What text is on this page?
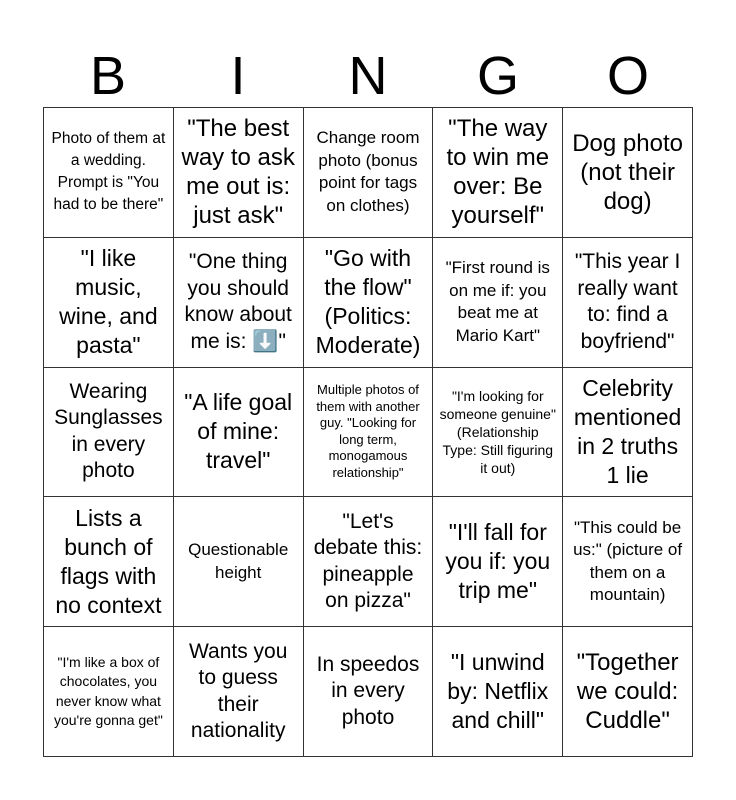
B	I	N	G	O
Photo of them at a wedding. Prompt is "You had to be there"
"The best way to ask me out is: just ask"
Change room photo (bonus point for tags on clothes)
"The way to win me over: Be yourself"
Dog photo (not their dog)
"I like music, wine, and pasta"
"One thing you should know about me is: ⬇️"
"Go with the flow" (Politics: Moderate)
"First round is on me if: you beat me at Mario Kart"
"This year I really want to: find a boyfriend"
Wearing Sunglasses in every photo
"A life goal of mine: travel"
Multiple photos of them with another guy. "Looking for long term, monogamous relationship"
"I'm looking for someone genuine" (Relationship Type: Still figuring it out)
Celebrity mentioned in 2 truths 1 lie
Lists a bunch of flags with no context
Questionable height
"Let's debate this: pineapple on pizza"
"I'll fall for you if: you trip me"
"This could be us:" (picture of them on a mountain)
"I'm like a box of chocolates, you never know what you're gonna get"
Wants you to guess their nationality
In speedos in every photo
"I unwind by: Netflix and chill"
"Together we could: Cuddle"
